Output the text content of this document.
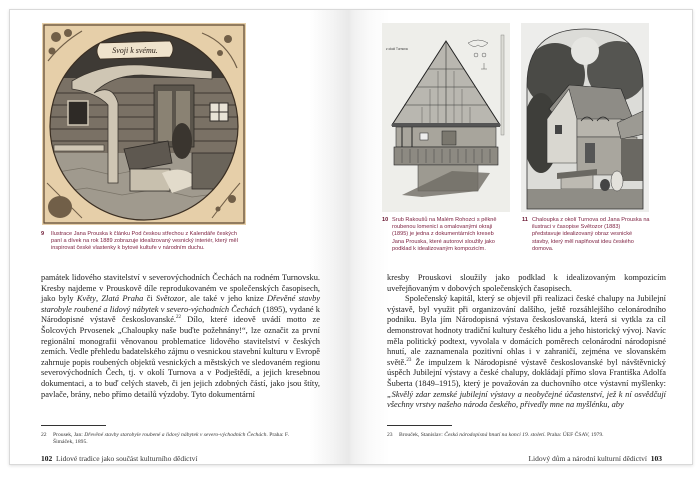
Svoji k svému.
9 Ilustrace Jana Prouska k článku Pod českou střechou z Kalendáře českých paní a dívek na rok 1889 zobrazuje idealizovaný vesnický interiér, který měl inspirovat české vlastenky k bytové kultuře v národním duchu.

památek lidového stavitelství v severovýchodních Čechách na rodném Turnovsku. Kresby najdeme v Prouskově díle reprodukovaném ve společenských časopisech, jako byly Květy, Zlatá Praha či Světozor, ale také v jeho knize Dřevěné stavby starobyle roubené a lidový nábytek v severo-východních Čechách (1895), vydané k Národopisné výstavě českoslovanské.$^{22}$ Dílo, které ideově uvádí motto ze Šolcových Prvosenek „Chaloupky naše buďte požehnány!“, lze označit za první regionální monografii věnovanou problematice lidového stavitelství v českých zemích. Vedle přehledu badatelského zájmu o vesnickou stavební kulturu v Evropě zahrnuje popis roubených objektů vesnických a městských ve sledovaném regionu severovýchodních Čech, tj. v okolí Turnova a v Podještědí, a jejich kresebnou dokumentaci, a to buď celých staveb, či jen jejich zdobných částí, jako jsou štíty, pavlače, brány, nebo přímo detailů výzdoby. Tyto dokumentární

22 Prousek, Jan: Dřevěné stavby starobyle roubené a lidový nábytek v severo-východních Čechách. Praha: F. Šimáček, 1895.
102 Lidové tradice jako součást kulturního dědictví
z okolí Turnova
10 Srub Rakoušů na Malém Rohozci s pěkně roubenou lomenicí a omalovanými okraji (1895) je jedna z dokumentárních kreseb Jana Prouska, které autorovi sloužily jako podklad k idealizovaným kompozicím.
11 Chaloupka z okolí Turnova od Jana Prouska na ilustraci v časopise Světozor (1883) představuje idealizovaný obraz vesnické stavby, který měl naplňovat ideu českého domova.

kresby Prouskovi sloužily jako podklad k idealizovaným kompozicím uveřejňovaným v dobových společenských časopisech.

Společenský kapitál, který se objevil při realizaci české chalupy na Jubilejní výstavě, byl využit při organizování dalšího, ještě rozsáhlejšího celonárodního podniku. Byla jím Národopisná výstava českoslovanská, která si vytkla za cíl demonstrovat hodnoty tradiční kultury českého lidu a jeho historický vývoj. Navíc měla politický podtext, vyvolala v domácích poměrech celonárodní národopisné hnutí, ale zaznamenala pozitivní ohlas i v zahraničí, zejména ve slovanském světě.$^{23}$ Že impulzem k Národopisné výstavě českoslovanské byl návštěvnický úspěch Jubilejní výstavy a české chalupy, dokládají přímo slova Františka Adolfa Šuberta (1849–1915), který je považován za duchovního otce výstavní myšlenky: „Skvělý zdar zemské jubilejní výstavy a neobyčejné účastenství, jež k ní osvědčují všechny vrstvy našeho národa českého, přivedly mne na myšlénku, aby

23 Brouček, Stanislav: Česká národopisná hnutí na konci 19. století. Praha: ÚEF ČSAV, 1979.
Lidový dům a národní kulturní dědictví 103
